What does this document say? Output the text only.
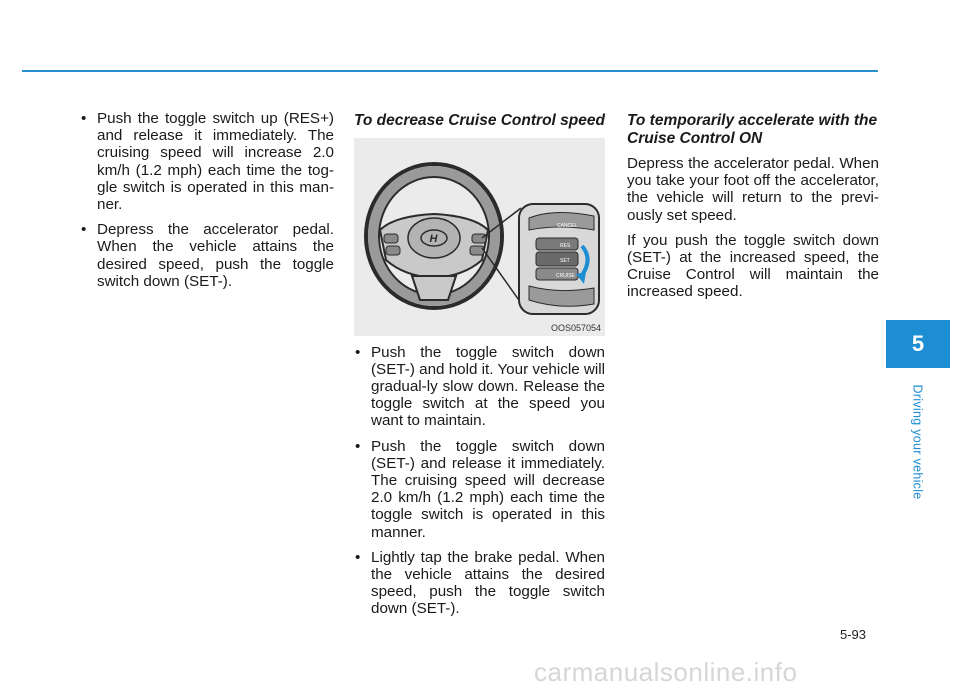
• Push the toggle switch up (RES+) and release it immediately. The cruising speed will increase 2.0 km/h (1.2 mph) each time the tog-gle switch is operated in this man-ner.
• Depress the accelerator pedal. When the vehicle attains the desired speed, push the toggle switch down (SET-).
To decrease Cruise Control speed
H
CANCEL
RES
SET
CRUISE
OOS057054
• Push the toggle switch down (SET-) and hold it. Your vehicle will gradual-ly slow down. Release the toggle switch at the speed you want to maintain.
• Push the toggle switch down (SET-) and release it immediately. The cruising speed will decrease 2.0 km/h (1.2 mph) each time the toggle switch is operated in this manner.
• Lightly tap the brake pedal. When the vehicle attains the desired speed, push the toggle switch down (SET-).
To temporarily accelerate with the Cruise Control ON

Depress the accelerator pedal. When you take your foot off the accelerator, the vehicle will return to the previ-ously set speed.

If you push the toggle switch down (SET-) at the increased speed, the Cruise Control will maintain the increased speed.

5
Driving your vehicle
5-93
carmanualsonline.info
